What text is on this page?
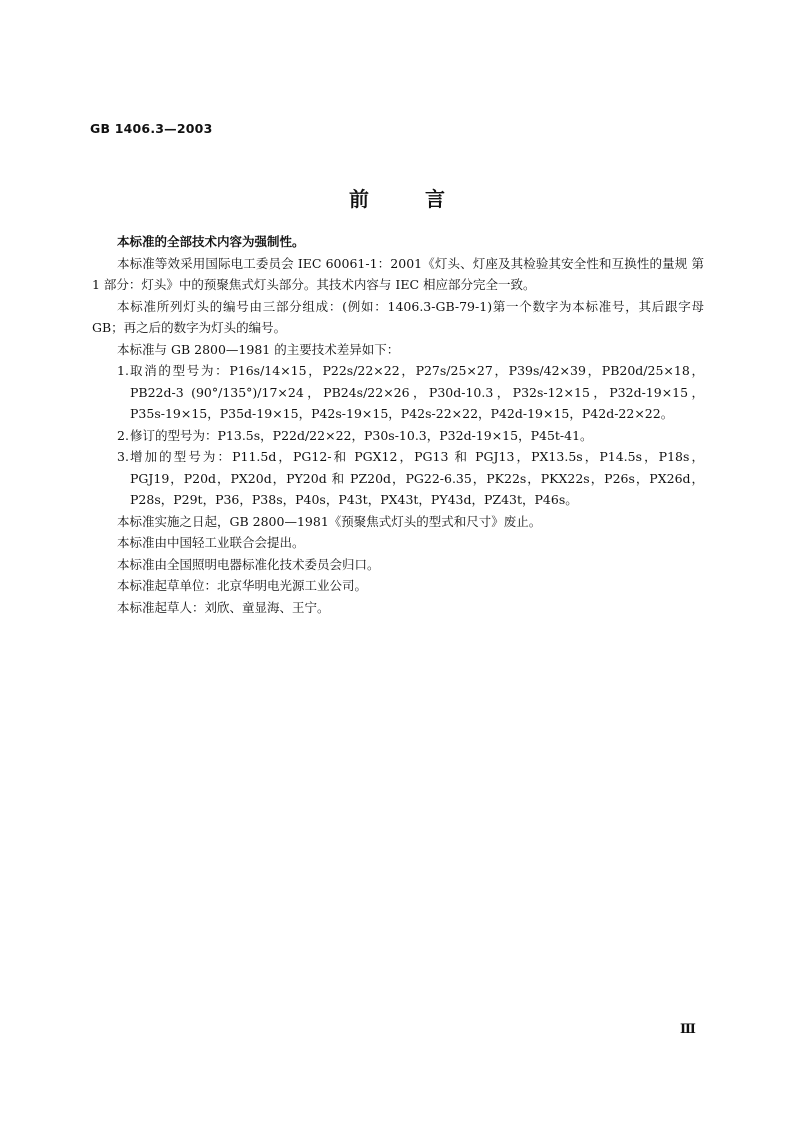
GB 1406.3—2003
前	言

本标准的全部技术内容为强制性。

本标准等效采用国际电工委员会 IEC 60061-1：2001《灯头、灯座及其检验其安全性和互换性的量规 第 1 部分：灯头》中的预聚焦式灯头部分。其技术内容与 IEC 相应部分完全一致。

本标准所列灯头的编号由三部分组成：(例如：1406.3-GB-79-1)第一个数字为本标准号，其后跟字母 GB；再之后的数字为灯头的编号。

本标准与 GB 2800—1981 的主要技术差异如下：

1. 取消的型号为：P16s/14×15，P22s/22×22，P27s/25×27，P39s/42×39，PB20d/25×18，PB22d-3 (90°/135°)/17×24，PB24s/22×26，P30d-10.3，P32s-12×15，P32d-19×15，P35s-19×15，P35d-19×15，P42s-19×15，P42s-22×22，P42d-19×15，P42d-22×22。
2. 修订的型号为：P13.5s，P22d/22×22，P30s-10.3，P32d-19×15，P45t-41。
3. 增加的型号为：P11.5d，PG12-和 PGX12，PG13 和 PGJ13，PX13.5s，P14.5s，P18s，PGJ19，P20d，PX20d，PY20d 和 PZ20d，PG22-6.35，PK22s，PKX22s，P26s，PX26d，P28s，P29t，P36，P38s，P40s，P43t，PX43t，PY43d，PZ43t，P46s。

本标准实施之日起，GB 2800—1981《预聚焦式灯头的型式和尺寸》废止。

本标准由中国轻工业联合会提出。

本标准由全国照明电器标准化技术委员会归口。

本标准起草单位：北京华明电光源工业公司。

本标准起草人：刘欣、童显海、王宁。

Ⅲ
